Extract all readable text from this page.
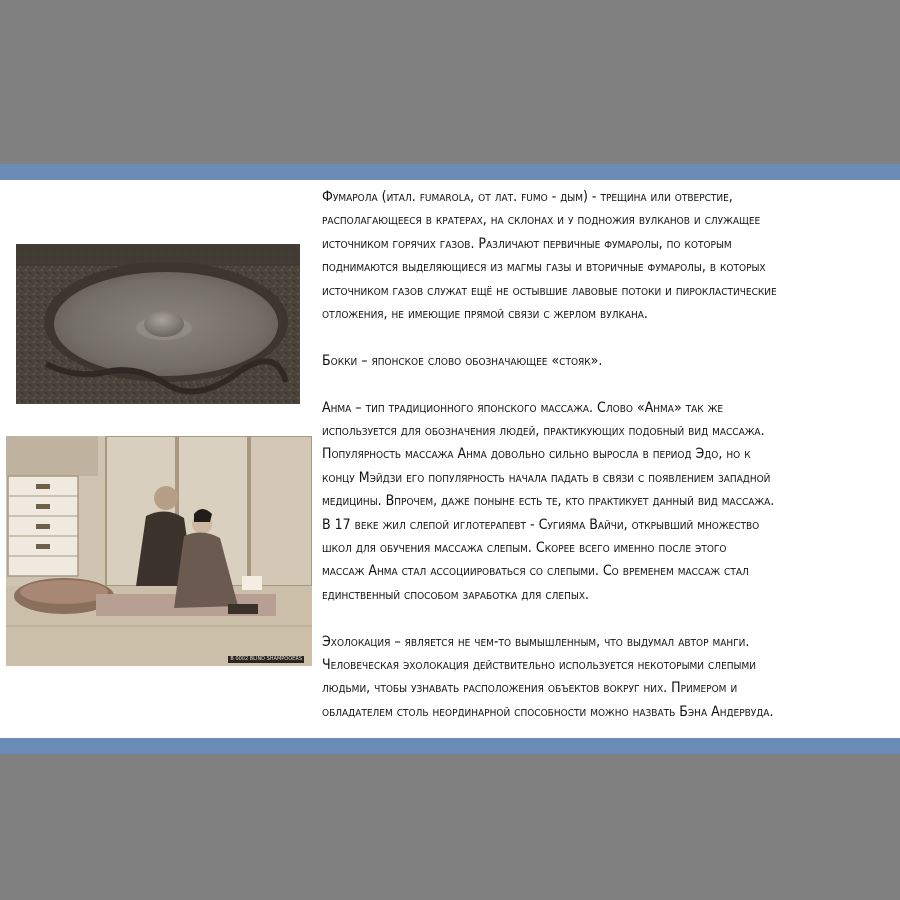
B 0002 BLIND SHAMPOOERS

Фумарола (итал. fumarola, от лат. fumo - дым) - трещина или отверстие,
располагающееся в кратерах, на склонах и у подножия вулканов и служащее
источником горячих газов. Различают первичные фумаролы, по которым
поднимаются выделяющиеся из магмы газы и вторичные фумаролы, в которых
источником газов служат ещё не остывшие лавовые потоки и пирокластические
отложения, не имеющие прямой связи с жерлом вулкана.

Бокки – японское слово обозначающее «стояк».

Анма – тип традиционного японского массажа. Слово «Анма» так же
используется для обозначения людей, практикующих подобный вид массажа.
Популярность массажа Анма довольно сильно выросла в период Эдо, но к
концу Мэйдзи его популярность начала падать в связи с появлением западной
медицины. Впрочем, даже поныне есть те, кто практикует данный вид массажа.
В 17 веке жил слепой иглотерапевт - Сугияма Вайчи, открывший множество
школ для обучения массажа слепым. Скорее всего именно после этого
массаж Анма стал ассоциироваться со слепыми. Со временем массаж стал
единственный способом заработка для слепых.

Эхолокация – является не чем-то вымышленным, что выдумал автор манги.
Человеческая эхолокация действительно используется некоторыми слепыми
людьми, чтобы узнавать расположения объектов вокруг них. Примером и
обладателем столь неординарной способности можно назвать Бэна Андервуда.
